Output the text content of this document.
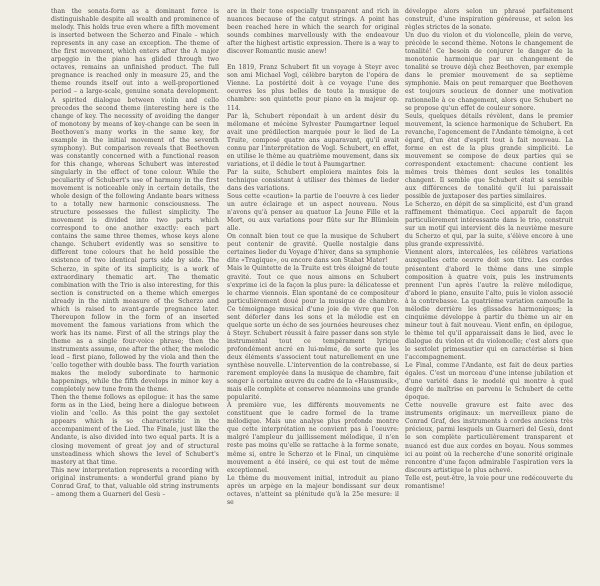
than the sonata-form as a dominant force is distinguishable despite all wealth and prominence of melody. This holds true even where a fifth movement is inserted between the Scherzo and Finale – which represents in any case an exception. The theme of the first movement, which enters after the A major arpeggio in the piano has glided through two octaves, remains an unfinished product. The full pregnance is reached only in measure 25, and the theme rounds itself out into a well-proportioned period – a large-scale, genuine sonata development. A spirited dialogue between violin and cello precedes the second theme (interesting here is the change of key. The necessity of avoiding the danger of monotony by means of key-change can be seen in Beethoven's many works in the same key, for example in the initial movement of the seventh symphony). But comparison reveals that Beethoven was constantly concerned with a functional reason for this change, whereas Schubert was interested singularly in the effect of tone colour. While the peculiarity of Schubert's use of harmony in the first movement is noticeable only in certain details, the whole design of the following Andante bears witness to a totally new harmonic consciousness. The structure possesses the fullest simplicity. The movement is divided into two parts which correspond to one another exactly: each part contains the same three themes, whose keys alone change. Schubert evidently was so sensitive to different tone colours that he held possible the existence of two identical parts side by side. The Scherzo, in spite of its simplicity, is a work of extraordinary thematic art. The thematic combination with the Trio is also interesting, for this section is constructed on a theme which emerges already in the ninth measure of the Scherzo and which is raised to avant-garde pregnance later. Thereupon follow in the form of an inserted movement the famous variations from which the work has its name. First of all the strings play the theme as a single four-voice phrase; then the instruments assume, one after the other, the melodic lead – first piano, followed by the viola and then the 'cello together with double bass. The fourth variation makes the melody subordinate to harmonic happenings, while the fifth develops in minor key a completely new tune from the theme.

Then the theme follows as epilogue: it has the same form as in the Lied, being here a dialogue between violin and 'cello. As this point the gay sextolet appears which is so characteristic in the accompaniment of the Lied. The Finale, just like the Andante, is also divided into two equal parts. It is a closing movement of great joy and of structural unsteadiness which shows the level of Schubert's mastery at that time.

This new interpretation represents a recording with original instruments: a wonderful grand piano by Conrad Graf, to that, valuable old string instruments – among them a Guarneri del Gesù –

are in their tone especially transparent and rich in nuances because of the catgut strings. A point has been reached here in which the search for original sounds combines marvellously with the endeavour after the highest artistic expression. There is a way to discover Romantic music anew!

En 1819, Franz Schubert fit un voyage à Steyr avec son ami Michael Vogl, célèbre baryton de l'opéra de Vienne. La postérité doit à ce voyage l'une des oeuvres les plus belles de toute la musique de chambre: son quintette pour piano en la majeur op. 114.

Par là, Schubert répondait à un ardent désir du mélomane et mécène Sylvester Paumgartner lequel avait une prédilection marquée pour le lied de La Truite, composé quatre ans auparavant, qu'il avait connu par l'interprétation de Vogl. Schubert, en effet, en utilise le thème au quatrième mouvement, dans six variations, et il dédie le tout à Paumgartner.

Par la suite, Schubert emploiera maintes fois la technique consistant à utiliser des thèmes de lieder dans des variations.

Sous cette «caution» la partie de l'oeuvre à ces lieder un autre éclairage et un aspect nouveau. Nous n'avons qu'à penser au quatuor La Jeune Fille et la Mort, ou aux variations pour flûte sur Ihr Blümlein alle.

On connaît bien tout ce que la musique de Schubert peut contenir de gravité. Quelle nostalgie dans certaines lieder du Voyage d'hiver, dans sa symphonie dite «Tragique», ou encore dans son Stabat Mater!

Mais le Quintette de la Truite est très éloigné de toute gravité. Tout ce que nous aimons en Schubert s'exprime ici de la façon la plus pure: la délicatesse et le charme viennois. Elan spontané de ce compositeur particulièrement doué pour la musique de chambre. Ce témoignage musical d'une joie de vivre que l'on sent déferler dans les sons et la mélodie est en quelque sorte un écho de ses journées heureuses chez à Steyr. Schubert réussit à faire passer dans son style instrumental tout ce tempérament lyrique profondément ancré en lui-même, de sorte que les deux éléments s'associent tout naturellement en une synthèse nouvelle. L'intervention de la contrebasse, si rarement employée dans la musique de chambre, fait songer à certaine œuvre du cadre de la «Hausmusik», mais elle complète et conserve néanmoins une grande popularité.

À première vue, les différents mouvements ne constituent que le cadre formel de la trame mélodique. Mais une analyse plus profonde montre que cette interprétation ne convient pas à l'oeuvre: malgré l'ampleur du jaillissement mélodique, il n'en reste pas moins qu'elle se rattache à la forme sonate, même si, entre le Scherzo et le Final, un cinquième mouvement a été inséré, ce qui est tout de même exceptionnel.

Le thème du mouvement initial, introduit au piano après un arpège en la majeur bondissant sur deux octaves, n'atteint sa plénitude qu'à la 25e mesure: il se

développe alors selon un phrasé parfaitement construit, d'une inspiration généreuse, et selon les règles strictes de la sonate.

Un duo du violon et du violoncelle, plein de verve, précède le second thème. Notons le changement de tonalité! Ce besoin de conjurer le danger de la monotonie harmonique par un changement de tonalité se trouve déjà chez Beethoven, par exemple dans le premier mouvement de sa septième symphonie. Mais on peut remarquer que Beethoven est toujours soucieux de donner une motivation rationnelle à ce changement, alors que Schubert ne se propose qu'un effet de couleur sonore.

Seuls, quelques détails révèlent, dans le premier mouvement, la science harmonique de Schubert. En revanche, l'agencement de l'Andante témoigne, à cet égard, d'un état d'esprit tout à fait nouveau. La forme en est de la plus grande simplicité. Le mouvement se compose de deux parties qui se correspondent exactement: chacune contient les mêmes trois thèmes dont seules les tonalités changent. Il semble que Schubert était si sensible aux différences de tonalité qu'il lui paraissait possible de juxtaposer des parties similaires.

Le Scherzo, en dépit de sa simplicité, est d'un grand raffinement thématique. Ceci apparaît de façon particulièrement intéressante dans le trio, construit sur un motif qui intervient dès la neuvième mesure du Scherzo et qui, par la suite, s'élève encore à une plus grande expressivité.

Viennent alors, intercalées, les célèbres variations auxquelles cette oeuvre doit son titre. Les cordes présentent d'abord le thème dans une simple composition à quatre voix, puis les instruments prennent l'un après l'autre la relève mélodique, d'abord le piano, ensuite l'alto, puis le violon associé à la contrebasse. La quatrième variation camoufle la mélodie derrière les glissades harmoniques; la cinquième développe à partir du thème un air en mineur tout à fait nouveau. Vient enfin, en épilogue, le thème tel qu'il apparaissait dans le lied, avec le dialogue du violon et du violoncelle; c'est alors que le sextolet primesautier qui en caractérise si bien l'accompagnement.

Le Final, comme l'Andante, est fait de deux parties égales. C'est un morceau d'une intense jubilation et d'une variété dans le modelé qui montre à quel degré de maîtrise en parvenu le Schubert de cette époque.

Cette nouvelle gravure est faite avec des instruments originaux: un merveilleux piano de Conrad Graf, des instruments à cordes anciens très précieux, parmi lesquels un Guarneri del Gesù, dont le son complète particulièrement transparent et nuancé est due aux cordes en boyau. Nous sommes ici au point où la recherche d'une sonorité originale rencontre d'une façon admirable l'aspiration vers la discours artistique le plus achevé.

Telle est, peut-être, la voie pour une redécouverte du romantisme!
